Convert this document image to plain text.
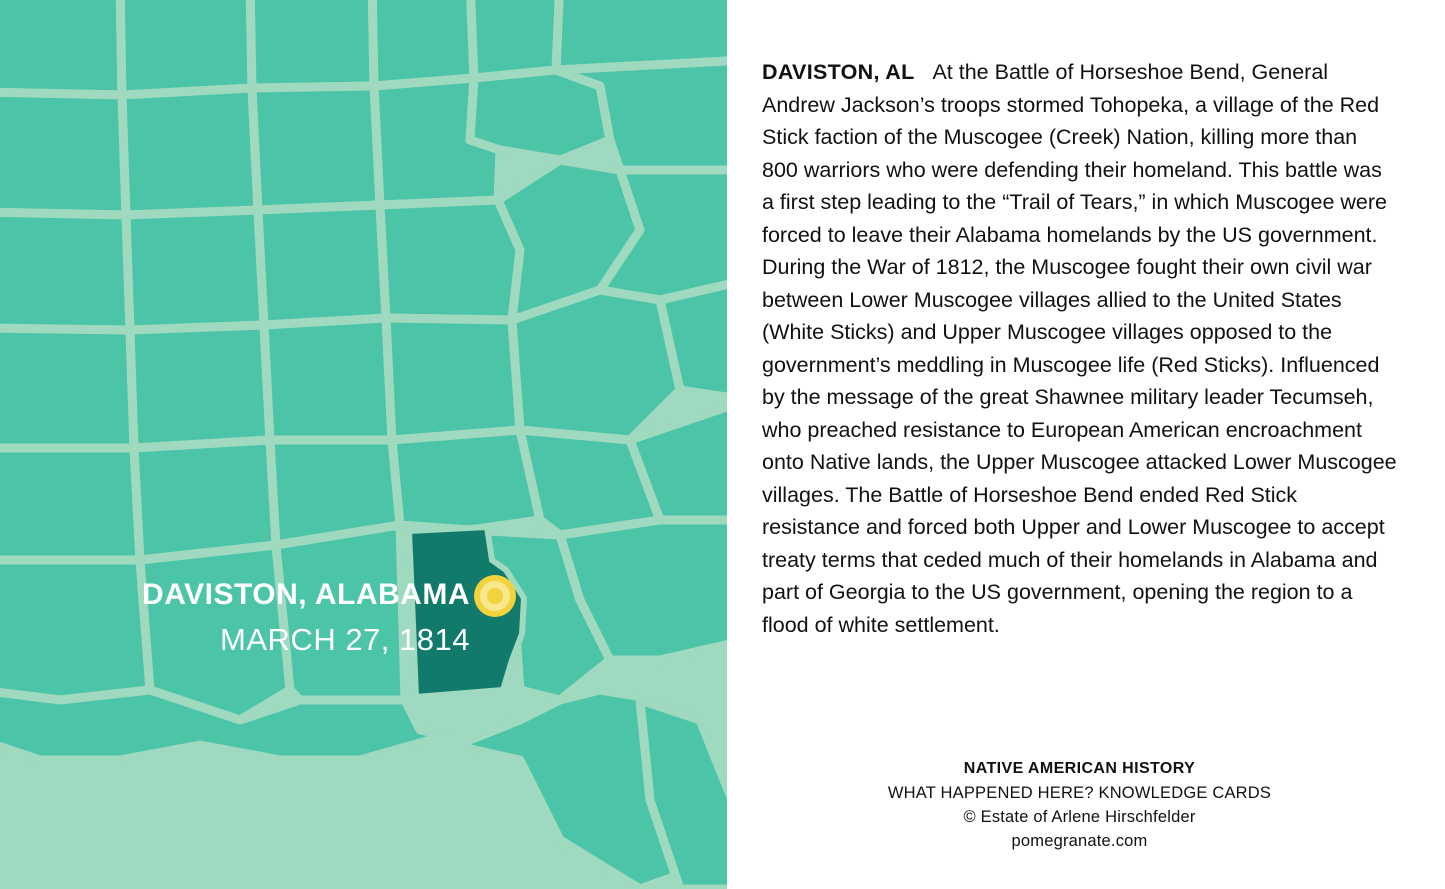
DAVISTON, ALABAMA
MARCH 27, 1814

DAVISTON, AL At the Battle of Horseshoe Bend, General Andrew Jackson’s troops stormed Tohopeka, a village of the Red Stick faction of the Muscogee (Creek) Nation, killing more than 800 warriors who were defending their homeland. This battle was a first step leading to the “Trail of Tears,” in which Muscogee were forced to leave their Alabama homelands by the US government. During the War of 1812, the Muscogee fought their own civil war between Lower Muscogee villages allied to the United States (White Sticks) and Upper Muscogee villages opposed to the government’s meddling in Muscogee life (Red Sticks). Influenced by the message of the great Shawnee military leader Tecumseh, who preached resistance to European American encroachment onto Native lands, the Upper Muscogee attacked Lower Muscogee villages. The Battle of Horseshoe Bend ended Red Stick resistance and forced both Upper and Lower Muscogee to accept treaty terms that ceded much of their homelands in Alabama and part of Georgia to the US government, opening the region to a flood of white settlement.

NATIVE AMERICAN HISTORY
WHAT HAPPENED HERE? KNOWLEDGE CARDS
© Estate of Arlene Hirschfelder
pomegranate.com
